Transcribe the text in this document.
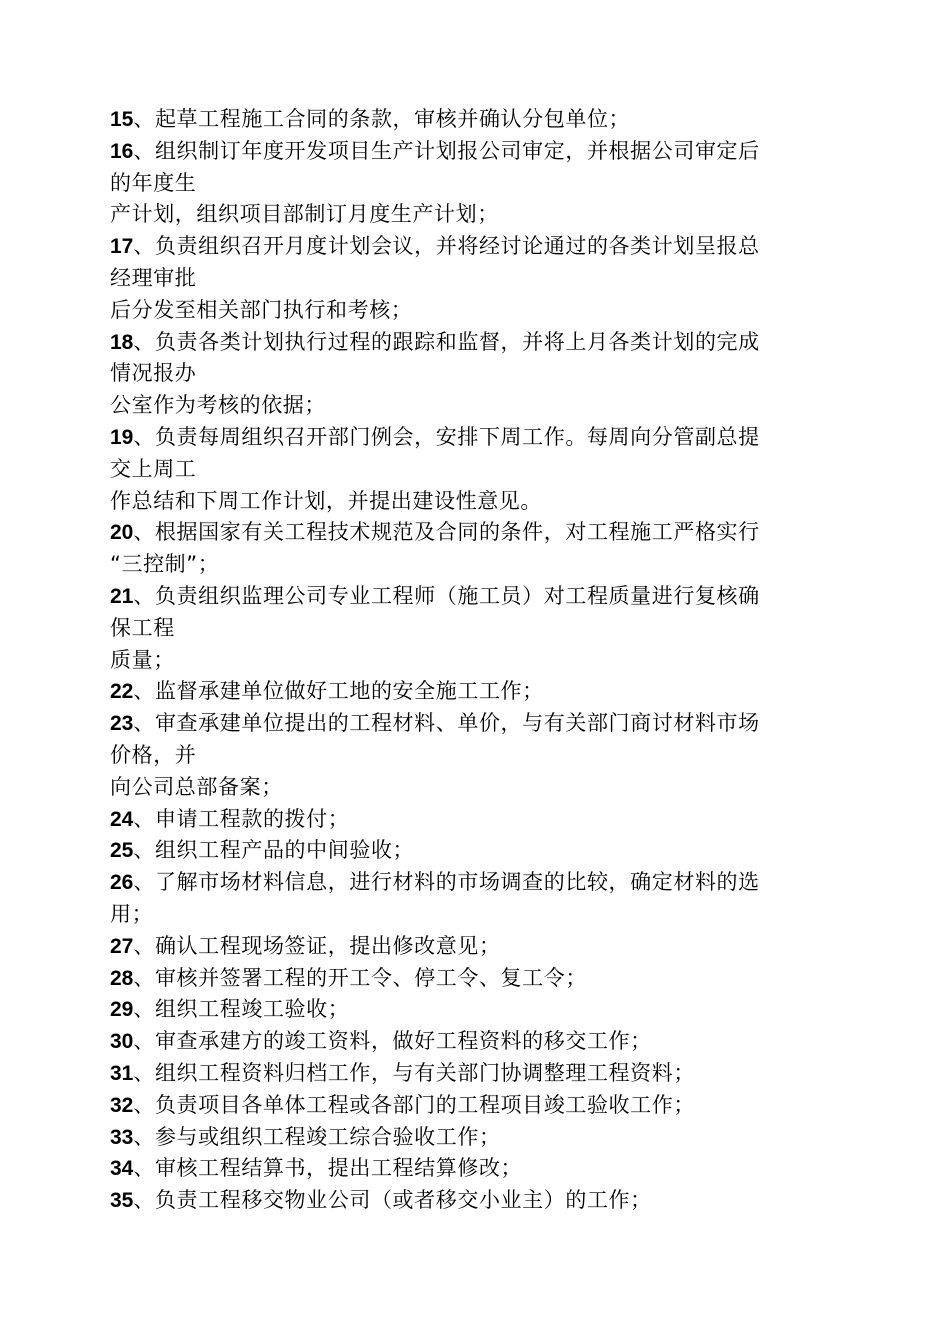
15、起草工程施工合同的条款，审核并确认分包单位；
16、组织制订年度开发项目生产计划报公司审定，并根据公司审定后
的年度生
产计划，组织项目部制订月度生产计划；
17、负责组织召开月度计划会议，并将经讨论通过的各类计划呈报总
经理审批
后分发至相关部门执行和考核；
18、负责各类计划执行过程的跟踪和监督，并将上月各类计划的完成
情况报办
公室作为考核的依据；
19、负责每周组织召开部门例会，安排下周工作。每周向分管副总提
交上周工
作总结和下周工作计划，并提出建设性意见。
20、根据国家有关工程技术规范及合同的条件，对工程施工严格实行
“三控制”；
21、负责组织监理公司专业工程师（施工员）对工程质量进行复核确
保工程
质量；
22、监督承建单位做好工地的安全施工工作；
23、审查承建单位提出的工程材料、单价，与有关部门商讨材料市场
价格，并
向公司总部备案；
24、申请工程款的拨付；
25、组织工程产品的中间验收；
26、了解市场材料信息，进行材料的市场调查的比较，确定材料的选
用；
27、确认工程现场签证，提出修改意见；
28、审核并签署工程的开工令、停工令、复工令；
29、组织工程竣工验收；
30、审查承建方的竣工资料，做好工程资料的移交工作；
31、组织工程资料归档工作，与有关部门协调整理工程资料；
32、负责项目各单体工程或各部门的工程项目竣工验收工作；
33、参与或组织工程竣工综合验收工作；
34、审核工程结算书，提出工程结算修改；
35、负责工程移交物业公司（或者移交小业主）的工作；
